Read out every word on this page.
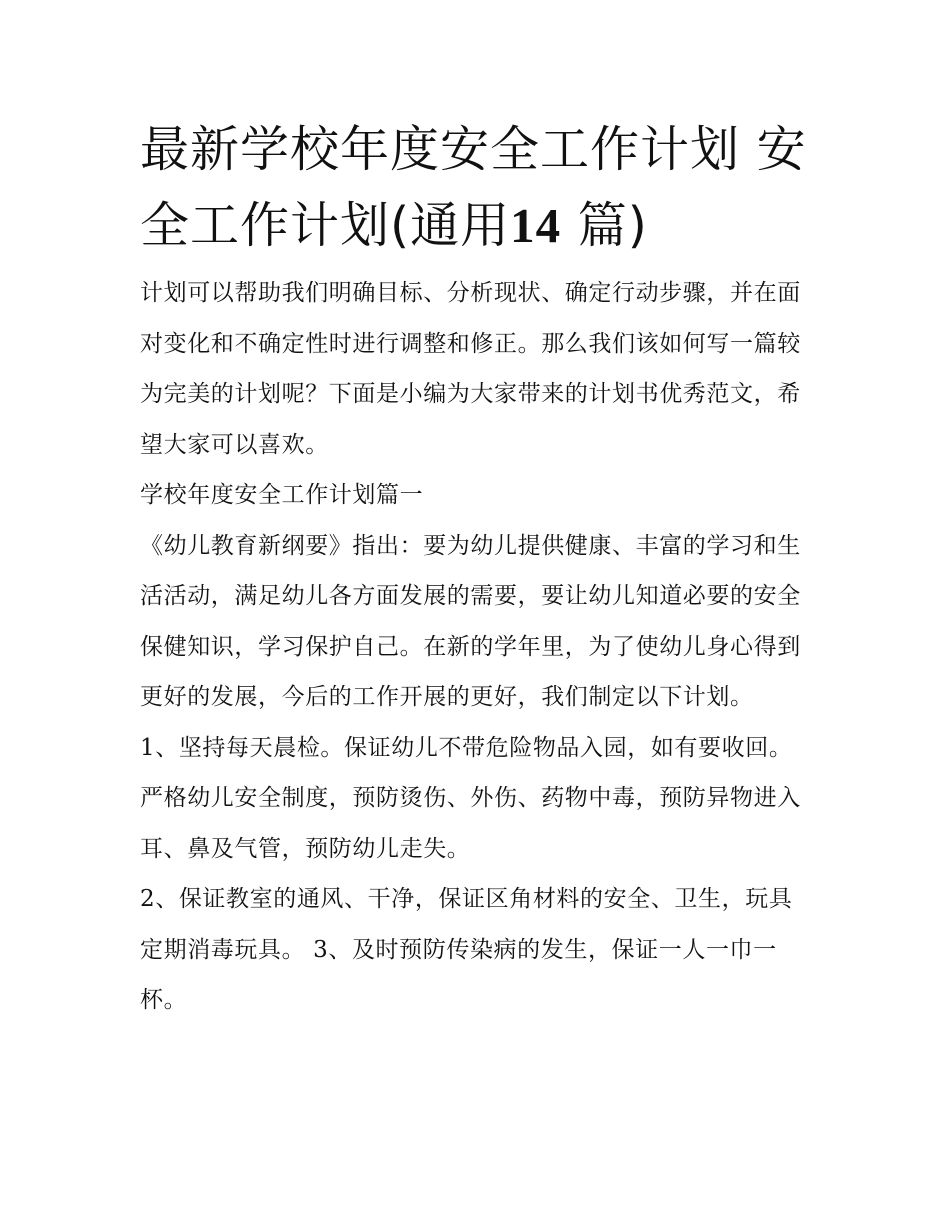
最新学校年度安全工作计划 安全工作计划(通用14 篇)

计划可以帮助我们明确目标、分析现状、确定行动步骤，并在面对变化和不确定性时进行调整和修正。那么我们该如何写一篇较为完美的计划呢？下面是小编为大家带来的计划书优秀范文，希望大家可以喜欢。

学校年度安全工作计划篇一

《幼儿教育新纲要》指出：要为幼儿提供健康、丰富的学习和生活活动，满足幼儿各方面发展的需要，要让幼儿知道必要的安全保健知识，学习保护自己。在新的学年里，为了使幼儿身心得到更好的发展，今后的工作开展的更好，我们制定以下计划。

1、坚持每天晨检。保证幼儿不带危险物品入园，如有要收回。严格幼儿安全制度，预防烫伤、外伤、药物中毒，预防异物进入耳、鼻及气管，预防幼儿走失。

2、保证教室的通风、干净，保证区角材料的安全、卫生，玩具定期消毒玩具。 3、及时预防传染病的发生，保证一人一巾一杯。
